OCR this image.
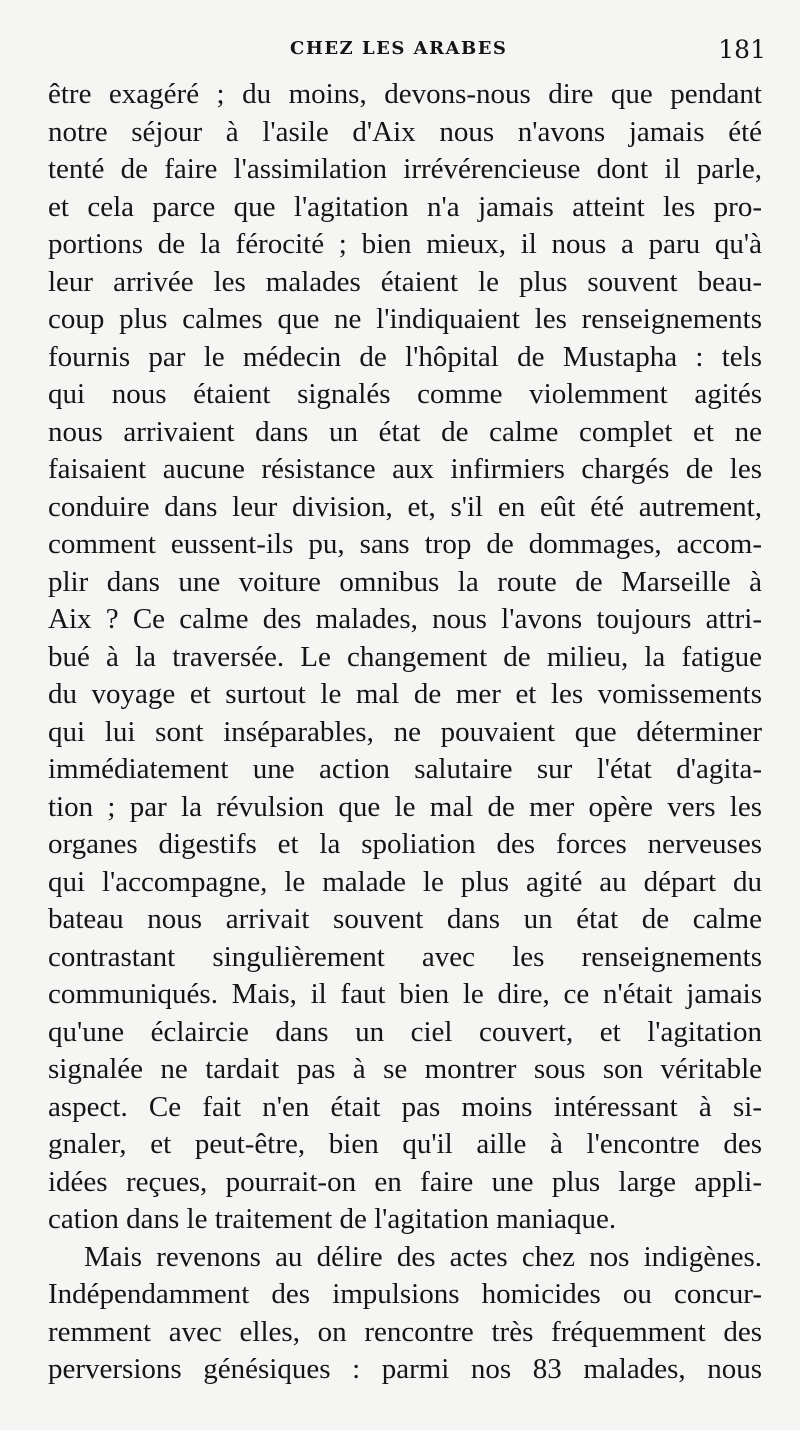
CHEZ LES ARABES	181
être exagéré ; du moins, devons-nous dire que pendant
notre séjour à l'asile d'Aix nous n'avons jamais été
tenté de faire l'assimilation irrévérencieuse dont il parle,
et cela parce que l'agitation n'a jamais atteint les pro-
portions de la férocité ; bien mieux, il nous a paru qu'à
leur arrivée les malades étaient le plus souvent beau-
coup plus calmes que ne l'indiquaient les renseignements
fournis par le médecin de l'hôpital de Mustapha : tels
qui nous étaient signalés comme violemment agités
nous arrivaient dans un état de calme complet et ne
faisaient aucune résistance aux infirmiers chargés de les
conduire dans leur division, et, s'il en eût été autrement,
comment eussent-ils pu, sans trop de dommages, accom-
plir dans une voiture omnibus la route de Marseille à
Aix ? Ce calme des malades, nous l'avons toujours attri-
bué à la traversée. Le changement de milieu, la fatigue
du voyage et surtout le mal de mer et les vomissements
qui lui sont inséparables, ne pouvaient que déterminer
immédiatement une action salutaire sur l'état d'agita-
tion ; par la révulsion que le mal de mer opère vers les
organes digestifs et la spoliation des forces nerveuses
qui l'accompagne, le malade le plus agité au départ du
bateau nous arrivait souvent dans un état de calme
contrastant singulièrement avec les renseignements
communiqués. Mais, il faut bien le dire, ce n'était jamais
qu'une éclaircie dans un ciel couvert, et l'agitation
signalée ne tardait pas à se montrer sous son véritable
aspect. Ce fait n'en était pas moins intéressant à si-
gnaler, et peut-être, bien qu'il aille à l'encontre des
idées reçues, pourrait-on en faire une plus large appli-
cation dans le traitement de l'agitation maniaque.
Mais revenons au délire des actes chez nos indigènes.
Indépendamment des impulsions homicides ou concur-
remment avec elles, on rencontre très fréquemment des
perversions génésiques : parmi nos 83 malades, nous
